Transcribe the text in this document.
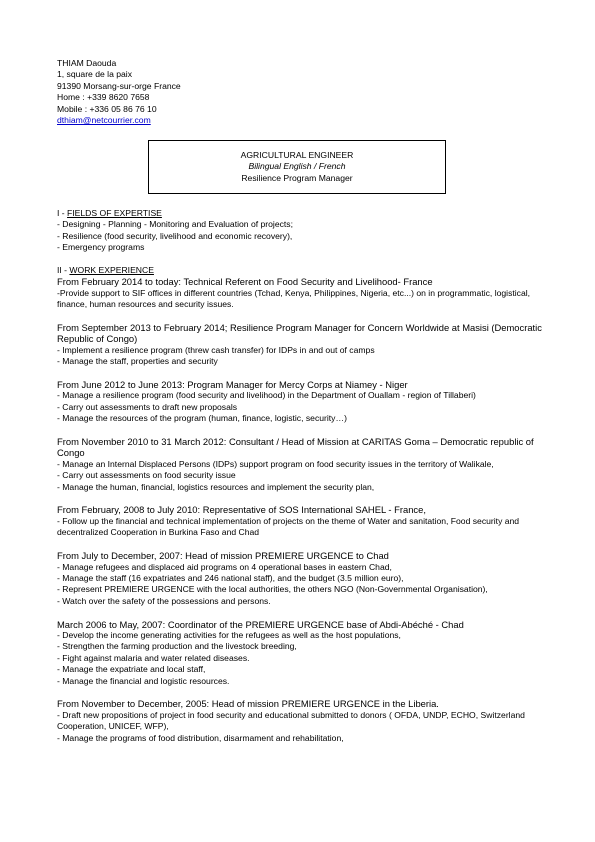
THIAM Daouda
1, square de la paix
91390 Morsang-sur-orge France
Home : +339 8620 7658
Mobile : +336 05 86 76 10
dthiam@netcourrier.com
AGRICULTURAL ENGINEER
Bilingual English / French
Resilience Program Manager
I - FIELDS OF EXPERTISE
- Designing - Planning - Monitoring and Evaluation of projects;
- Resilience (food security, livelihood and economic recovery),
- Emergency programs
II - WORK EXPERIENCE
From February 2014 to today: Technical Referent on Food Security and Livelihood- France
-Provide support to SIF offices in different countries (Tchad, Kenya, Philippines, Nigeria, etc...) on in programmatic, logistical, finance, human resources and security issues.
From September 2013 to February 2014; Resilience Program Manager for Concern Worldwide at Masisi (Democratic Republic of Congo)
- Implement a resilience program (threw cash transfer) for IDPs in and out of camps
- Manage the staff, properties and security
From June 2012 to June 2013: Program Manager for Mercy Corps at Niamey - Niger
- Manage a resilience program (food security and livelihood) in the Department of Ouallam - region of Tillaberi)
- Carry out assessments to draft new proposals
- Manage the resources of the program (human, finance, logistic, security…)
From November 2010 to 31 March 2012: Consultant / Head of Mission at CARITAS Goma – Democratic republic of Congo
- Manage an Internal Displaced Persons (IDPs) support program on food security issues in the territory of Walikale,
- Carry out assessments on food security issue
- Manage the human, financial, logistics resources and implement the security plan,
From February, 2008 to July 2010: Representative of SOS International SAHEL - France,
- Follow up the financial and technical implementation of projects on the theme of Water and sanitation, Food security and decentralized Cooperation in Burkina Faso and Chad
From July to December, 2007: Head of mission PREMIERE URGENCE to Chad
- Manage refugees and displaced aid programs on 4 operational bases in eastern Chad,
- Manage the staff (16 expatriates and 246 national staff), and the budget (3.5 million euro),
- Represent PREMIERE URGENCE with the local authorities, the others NGO (Non-Governmental Organisation),
- Watch over the safety of the possessions and persons.
March 2006 to May, 2007: Coordinator of the PREMIERE URGENCE base of Abdi-Abéché - Chad
- Develop the income generating activities for the refugees as well as the host populations,
- Strengthen the farming production and the livestock breeding,
- Fight against malaria and water related diseases.
- Manage the expatriate and local staff,
- Manage the financial and logistic resources.
From November to December, 2005: Head of mission PREMIERE URGENCE in the Liberia.
- Draft new propositions of project in food security and educational submitted to donors ( OFDA, UNDP, ECHO, Switzerland Cooperation, UNICEF, WFP),
- Manage the programs of food distribution, disarmament and rehabilitation,
